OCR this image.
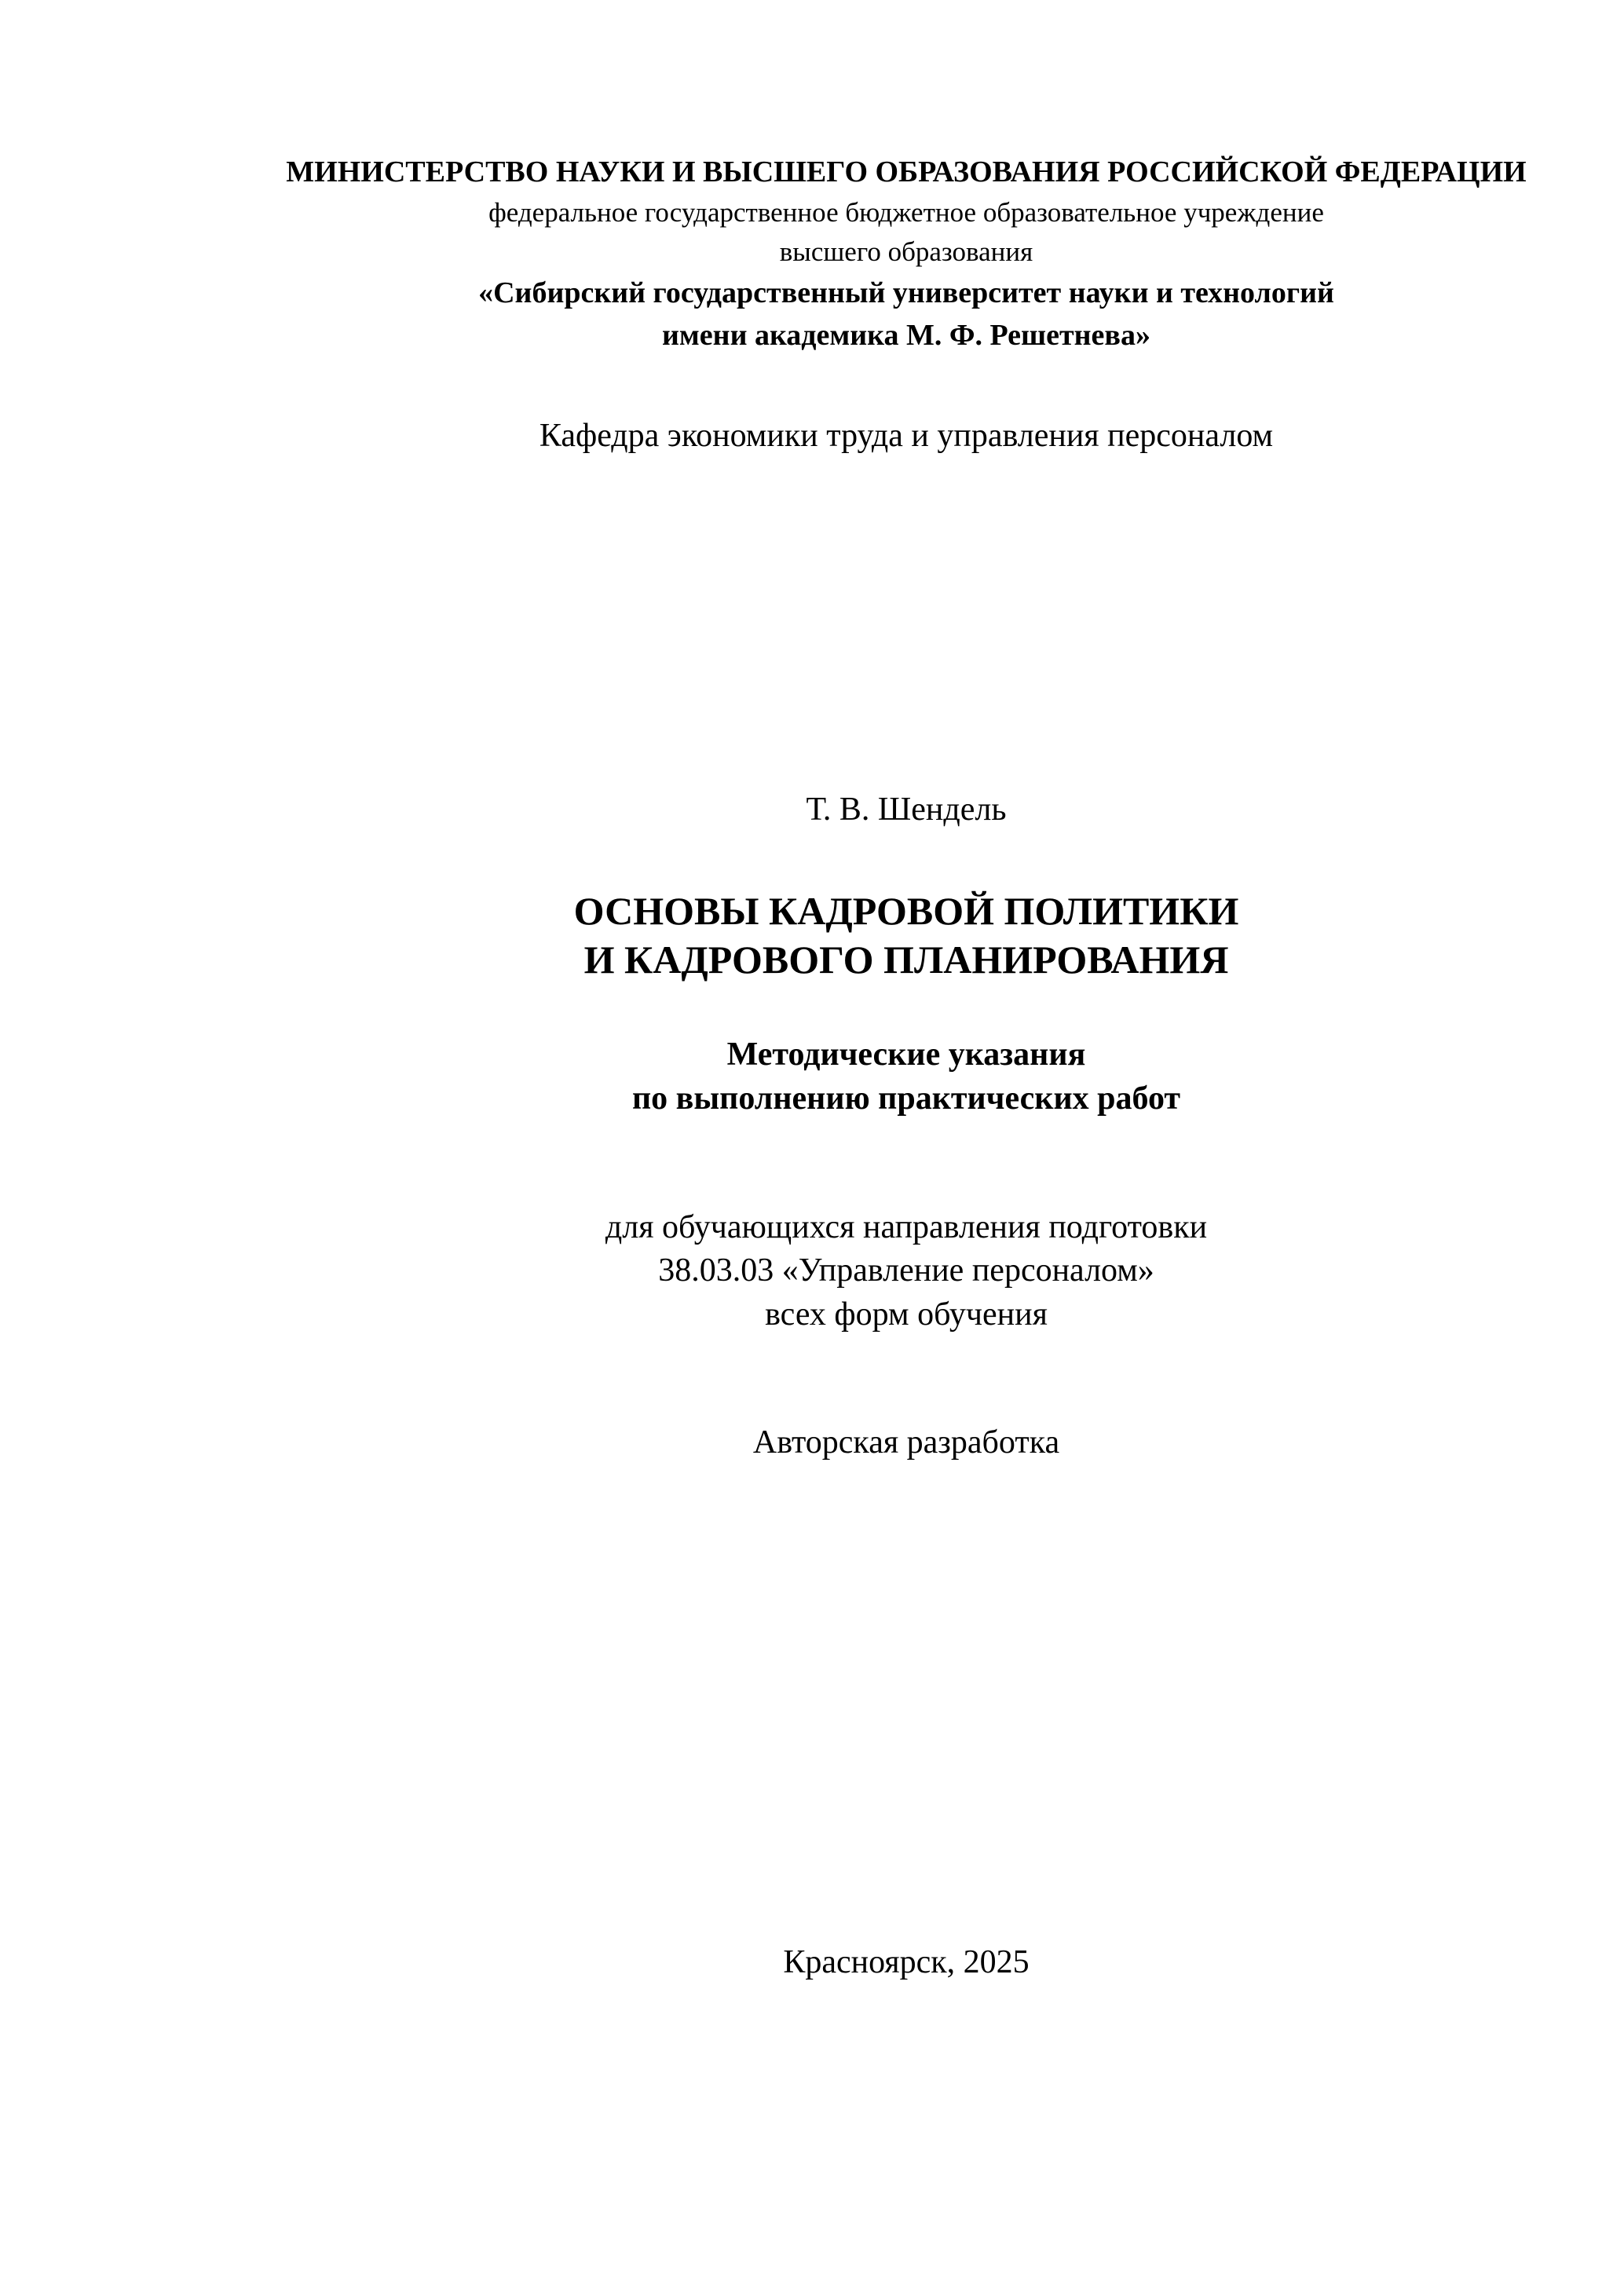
МИНИСТЕРСТВО НАУКИ И ВЫСШЕГО ОБРАЗОВАНИЯ РОССИЙСКОЙ ФЕДЕРАЦИИ
федеральное государственное бюджетное образовательное учреждение
высшего образования
«Сибирский государственный университет науки и технологий
имени академика М. Ф. Решетнева»
Кафедра экономики труда и управления персоналом
Т. В. Шендель
ОСНОВЫ КАДРОВОЙ ПОЛИТИКИ
И КАДРОВОГО ПЛАНИРОВАНИЯ
Методические указания
по выполнению практических работ
для обучающихся направления подготовки
38.03.03 «Управление персоналом»
всех форм обучения
Авторская разработка
Красноярск, 2025
